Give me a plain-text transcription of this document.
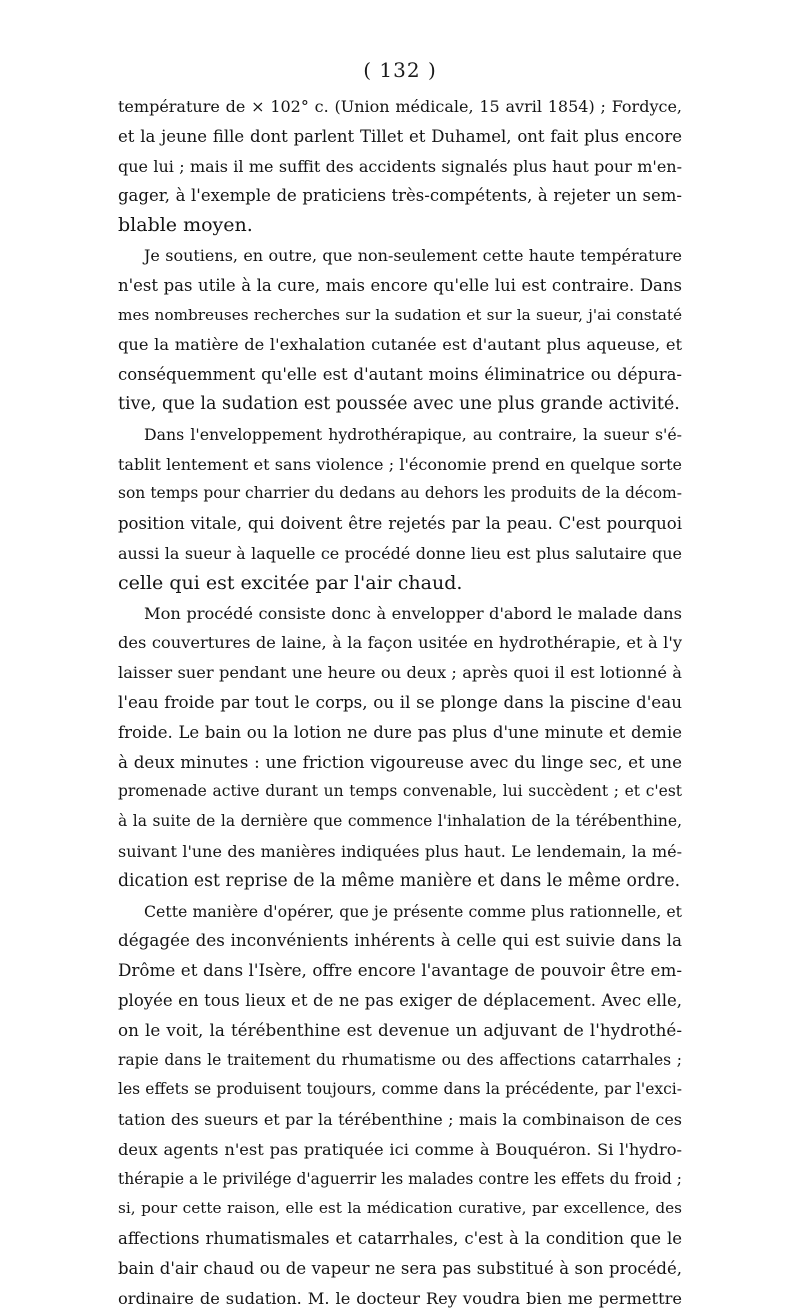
( 132 )
température de × 102° c. (Union médicale, 15 avril 1854) ; Fordyce,
et la jeune fille dont parlent Tillet et Duhamel, ont fait plus encore
que lui ; mais il me suffit des accidents signalés plus haut pour m'en-
gager, à l'exemple de praticiens très-compétents, à rejeter un sem-
blable moyen.
Je soutiens, en outre, que non-seulement cette haute température
n'est pas utile à la cure, mais encore qu'elle lui est contraire. Dans
mes nombreuses recherches sur la sudation et sur la sueur, j'ai constaté
que la matière de l'exhalation cutanée est d'autant plus aqueuse, et
conséquemment qu'elle est d'autant moins éliminatrice ou dépura-
tive, que la sudation est poussée avec une plus grande activité.
Dans l'enveloppement hydrothérapique, au contraire, la sueur s'é-
tablit lentement et sans violence ; l'économie prend en quelque sorte
son temps pour charrier du dedans au dehors les produits de la décom-
position vitale, qui doivent être rejetés par la peau. C'est pourquoi
aussi la sueur à laquelle ce procédé donne lieu est plus salutaire que
celle qui est excitée par l'air chaud.
Mon procédé consiste donc à envelopper d'abord le malade dans
des couvertures de laine, à la façon usitée en hydrothérapie, et à l'y
laisser suer pendant une heure ou deux ; après quoi il est lotionné à
l'eau froide par tout le corps, ou il se plonge dans la piscine d'eau
froide. Le bain ou la lotion ne dure pas plus d'une minute et demie
à deux minutes : une friction vigoureuse avec du linge sec, et une
promenade active durant un temps convenable, lui succèdent ; et c'est
à la suite de la dernière que commence l'inhalation de la térébenthine,
suivant l'une des manières indiquées plus haut. Le lendemain, la mé-
dication est reprise de la même manière et dans le même ordre.
Cette manière d'opérer, que je présente comme plus rationnelle, et
dégagée des inconvénients inhérents à celle qui est suivie dans la
Drôme et dans l'Isère, offre encore l'avantage de pouvoir être em-
ployée en tous lieux et de ne pas exiger de déplacement. Avec elle,
on le voit, la térébenthine est devenue un adjuvant de l'hydrothé-
rapie dans le traitement du rhumatisme ou des affections catarrhales ;
les effets se produisent toujours, comme dans la précédente, par l'exci-
tation des sueurs et par la térébenthine ; mais la combinaison de ces
deux agents n'est pas pratiquée ici comme à Bouquéron. Si l'hydro-
thérapie a le privilége d'aguerrir les malades contre les effets du froid ;
si, pour cette raison, elle est la médication curative, par excellence, des
affections rhumatismales et catarrhales, c'est à la condition que le
bain d'air chaud ou de vapeur ne sera pas substitué à son procédé,
ordinaire de sudation. M. le docteur Rey voudra bien me permettre
